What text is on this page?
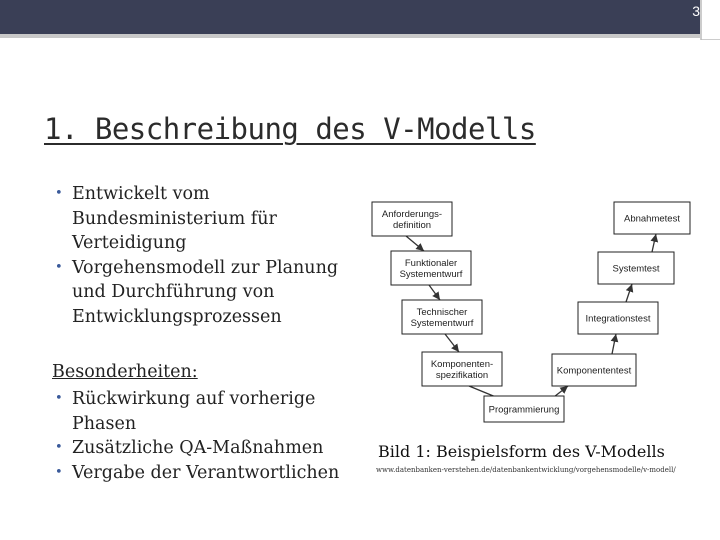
3
1. Beschreibung des V-Modells
• Entwickelt vom Bundesministerium für Verteidigung
• Vorgehensmodell zur Planung und Durchführung von Entwicklungsprozessen
Besonderheiten:
• Rückwirkung auf vorherige Phasen
• Zusätzliche QA-Maßnahmen
• Vergabe der Verantwortlichen
Anforderungs-definition
Funktionaler Systementwurf
Technischer Systementwurf
Komponenten-spezifikation
Programmierung
Abnahmetest
Systemtest
Integrationstest
Komponententest
Bild 1: Beispielsform des V-Modells
www.datenbanken-verstehen.de/datenbankentwicklung/vorgehensmodelle/v-modell/
